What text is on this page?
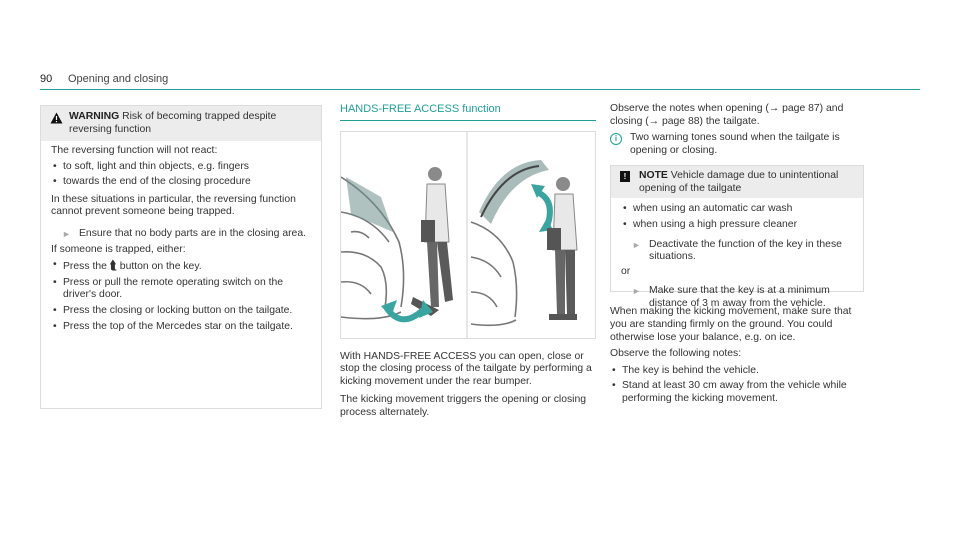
90 Opening and closing
WARNING Risk of becoming trapped despite reversing function

The reversing function will not react:

• to soft, light and thin objects, e.g. fingers
• towards the end of the closing procedure

In these situations in particular, the reversing function cannot prevent someone being trapped.

► Ensure that no body parts are in the closing area.

If someone is trapped, either:

• Press the ⮬ button on the key.
• Press or pull the remote operating switch on the driver's door.
• Press the closing or locking button on the tailgate.
• Press the top of the Mercedes star on the tailgate.
HANDS-FREE ACCESS function

With HANDS-FREE ACCESS you can open, close or stop the closing process of the tailgate by performing a kicking movement under the rear bumper.

The kicking movement triggers the opening or closing process alternately.

Observe the notes when opening (→ page 87) and closing (→ page 88) the tailgate.

i	Two warning tones sound when the tailgate is opening or closing.
!	NOTE Vehicle damage due to unintentional opening of the tailgate
• when using an automatic car wash
• when using a high pressure cleaner
► Deactivate the function of the key in these situations.

or

► Make sure that the key is at a minimum distance of 3 m away from the vehicle.

When making the kicking movement, make sure that you are standing firmly on the ground. You could otherwise lose your balance, e.g. on ice.

Observe the following notes:

• The key is behind the vehicle.
• Stand at least 30 cm away from the vehicle while performing the kicking movement.
